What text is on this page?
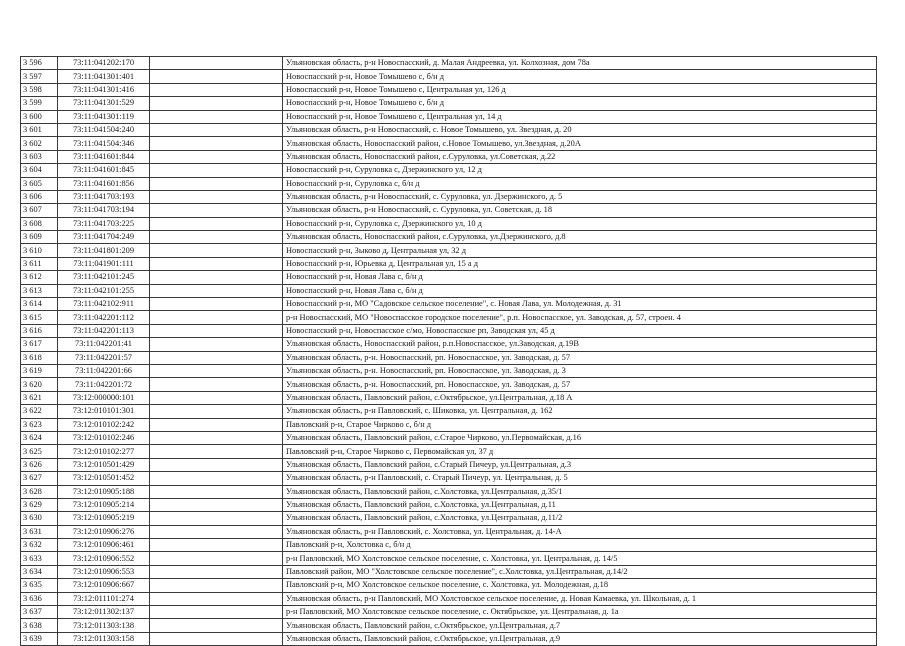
3 596	73:11:041202:170		Ульяновская область, р-н Новоспасский, д. Малая Андреевка, ул. Колхозная, дом 78а
3 597	73:11:041301:401		Новоспасский р-н, Новое Томышево с, б/н д
3 598	73:11:041301:416		Новоспасский р-н, Новое Томышево с, Центральная ул, 126 д
3 599	73:11:041301:529		Новоспасский р-н, Новое Томышево с, б/н д
3 600	73:11:041301:119		Новоспасский р-н, Новое Томышево с, Центральная ул, 14 д
3 601	73:11:041504:240		Ульяновская область, р-н Новоспасский, с. Новое Томышево, ул. Звездная, д. 20
3 602	73:11:041504:346		Ульяновская область, Новоспасский район, с.Новое Томышево, ул.Звездная, д.20А
3 603	73:11:041601:844		Ульяновская область, Новоспасский район, с.Суруловка, ул.Советская, д.22
3 604	73:11:041601:845		Новоспасский р-н, Суруловка с, Дзержинского ул, 12 д
3 605	73:11:041601:856		Новоспасский р-н, Суруловка с, б/н д
3 606	73:11:041703:193		Ульяновская область, р-н Новоспасский, с. Суруловка, ул. Дзержинского, д. 5
3 607	73:11:041703:194		Ульяновская область, р-н Новоспасский, с. Суруловка, ул. Советская, д. 18
3 608	73:11:041703:225		Новоспасский р-н, Суруловка с, Дзержинского ул, 10 д
3 609	73:11:041704:249		Ульяновская область, Новоспасский район, с.Суруловка, ул.Дзержинского, д.8
3 610	73:11:041801:209		Новоспасский р-н, Зыково д, Центральная ул, 32 д
3 611	73:11:041901:111		Новоспасский р-н, Юрьевка д, Центральная ул, 15 а д
3 612	73:11:042101:245		Новоспасский р-н, Новая Лава с, б/н д
3 613	73:11:042101:255		Новоспасский р-н, Новая Лава с, б/н д
3 614	73:11:042102:911		Новоспасский р-н, МО "Садовское сельское поселение", с. Новая Лава, ул. Молодежная, д. 31
3 615	73:11:042201:112		р-н Новоспасский, МО "Новоспасское городское поселение", р.п. Новоспасское, ул. Заводская, д. 57, строен. 4
3 616	73:11:042201:113		Новоспасский р-н, Новоспасское с/мо, Новоспасское рп, Заводская ул, 45 д
3 617	73:11:042201:41		Ульяновская область, Новоспасский район, р.п.Новоспасское, ул.Заводская, д.19В
3 618	73:11:042201:57		Ульяновская область, р-н. Новоспасский, рп. Новоспасское, ул. Заводская, д. 57
3 619	73:11:042201:66		Ульяновская область, р-н. Новоспасский, рп. Новоспасское, ул. Заводская, д. 3
3 620	73:11:042201:72		Ульяновская область, р-н. Новоспасский, рп. Новоспасское, ул. Заводская, д. 57
3 621	73:12:000000:101		Ульяновская область, Павловский район, с.Октябрьское, ул.Центральная, д.18 А
3 622	73:12:010101:301		Ульяновская область, р-н Павловский, с. Шиковка, ул. Центральная, д. 162
3 623	73:12:010102:242		Павловский р-н, Старое Чирково с, б/н д
3 624	73:12:010102:246		Ульяновская область, Павловский район, с.Старое Чирково, ул.Первомайская, д.16
3 625	73:12:010102:277		Павловский р-н, Старое Чирково с, Первомайская ул, 37 д
3 626	73:12:010501:429		Ульяновская область, Павловский район, с.Старый Пичеур, ул.Центральная, д.3
3 627	73:12:010501:452		Ульяновская область, р-н Павловский, с. Старый Пичеур, ул. Центральная, д. 5
3 628	73:12:010905:188		Ульяновская область, Павловский район, с.Холстовка, ул.Центральная, д.35/1
3 629	73:12:010905:214		Ульяновская область, Павловский район, с.Холстовка, ул.Центральная, д.11
3 630	73:12:010905:219		Ульяновская область, Павловский район, с.Холстовка, ул.Центральная, д.11/2
3 631	73:12:010906:276		Ульяновская область, р-н Павловский, с. Холстовка, ул. Центральная, д. 14-А
3 632	73:12:010906:461		Павловский р-н, Холстовка с, б/н д
3 633	73:12:010906:552		р-н Павловский, МО Холстовское сельское поселение, с. Холстовка, ул. Центральная, д. 14/5
3 634	73:12:010906:553		Павловский район, МО "Холстовское сельское поселение", с.Холстовка, ул.Центральная, д.14/2
3 635	73:12:010906:667		Павловский р-н, МО Холстовское сельское поселение, с. Холстовка, ул. Молодежная, д.18
3 636	73:12:011101:274		Ульяновская область, р-н Павловский, МО Холстовское сельское поселение, д. Новая Камаевка, ул. Школьная, д. 1
3 637	73:12:011302:137		р-н Павловский, МО Холстовское сельское поселение, с. Октябрьское, ул. Центральная, д. 1а
3 638	73:12:011303:138		Ульяновская область, Павловский район, с.Октябрьское, ул.Центральная, д.7
3 639	73:12:011303:158		Ульяновская область, Павловский район, с.Октябрьское, ул.Центральная, д.9
